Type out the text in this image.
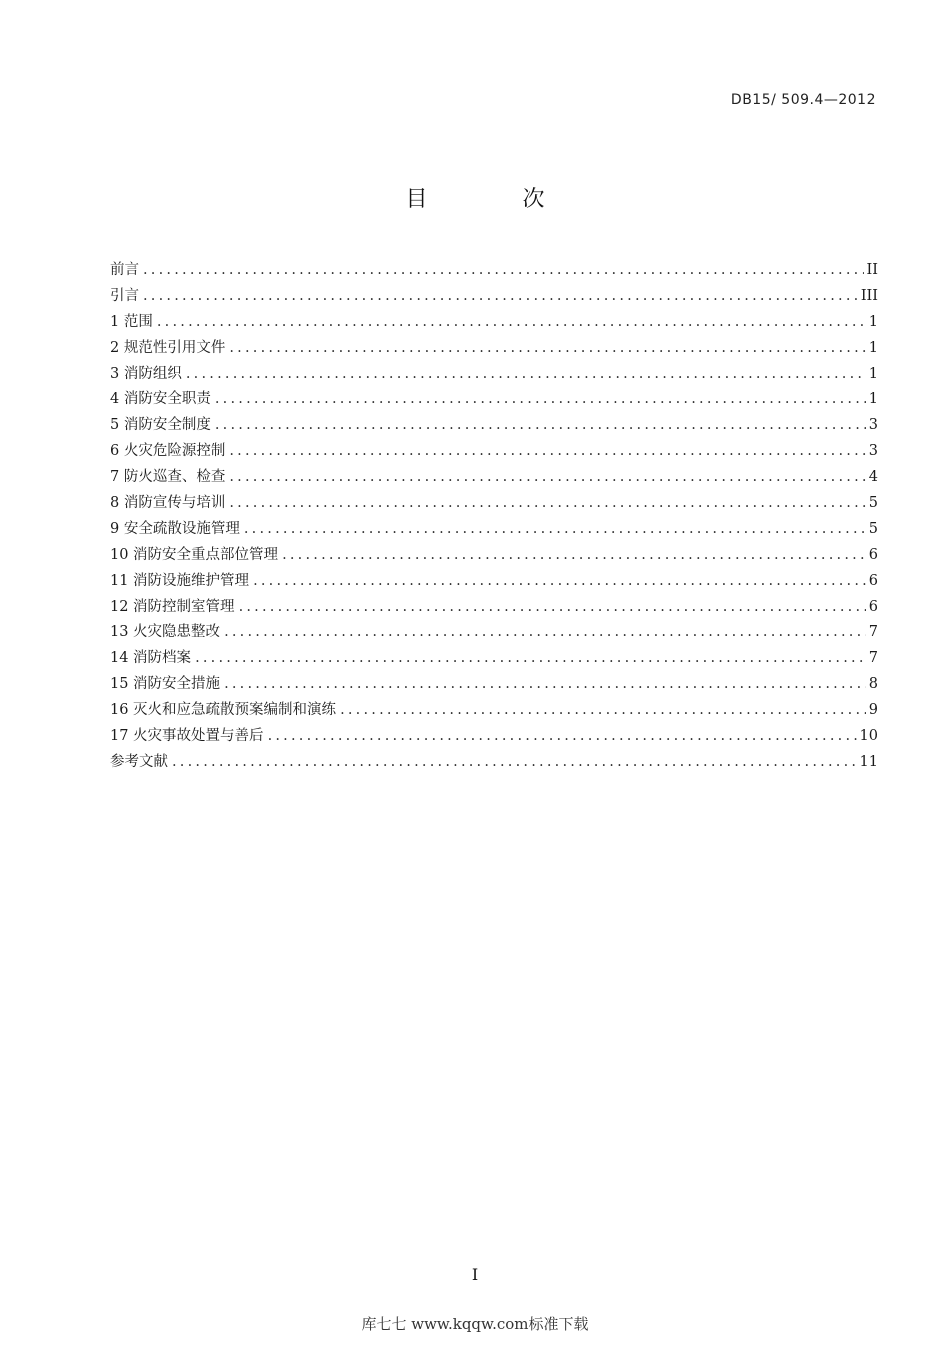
DB15/ 509.4—2012
目 次
前言 .....	II
引言 .....	III
1 范围 .....	1
2 规范性引用文件 .....	1
3 消防组织 .....	1
4 消防安全职责 .....	1
5 消防安全制度 .....	3
6 火灾危险源控制 .....	3
7 防火巡查、检查 .....	4
8 消防宣传与培训 .....	5
9 安全疏散设施管理 .....	5
10 消防安全重点部位管理 .....	6
11 消防设施维护管理 .....	6
12 消防控制室管理 .....	6
13 火灾隐患整改 .....	7
14 消防档案 .....	7
15 消防安全措施 .....	8
16 灭火和应急疏散预案编制和演练 .....	9
17 火灾事故处置与善后 .....	10
参考文献 .....	11
I
库七七 www.kqqw.com标准下载
